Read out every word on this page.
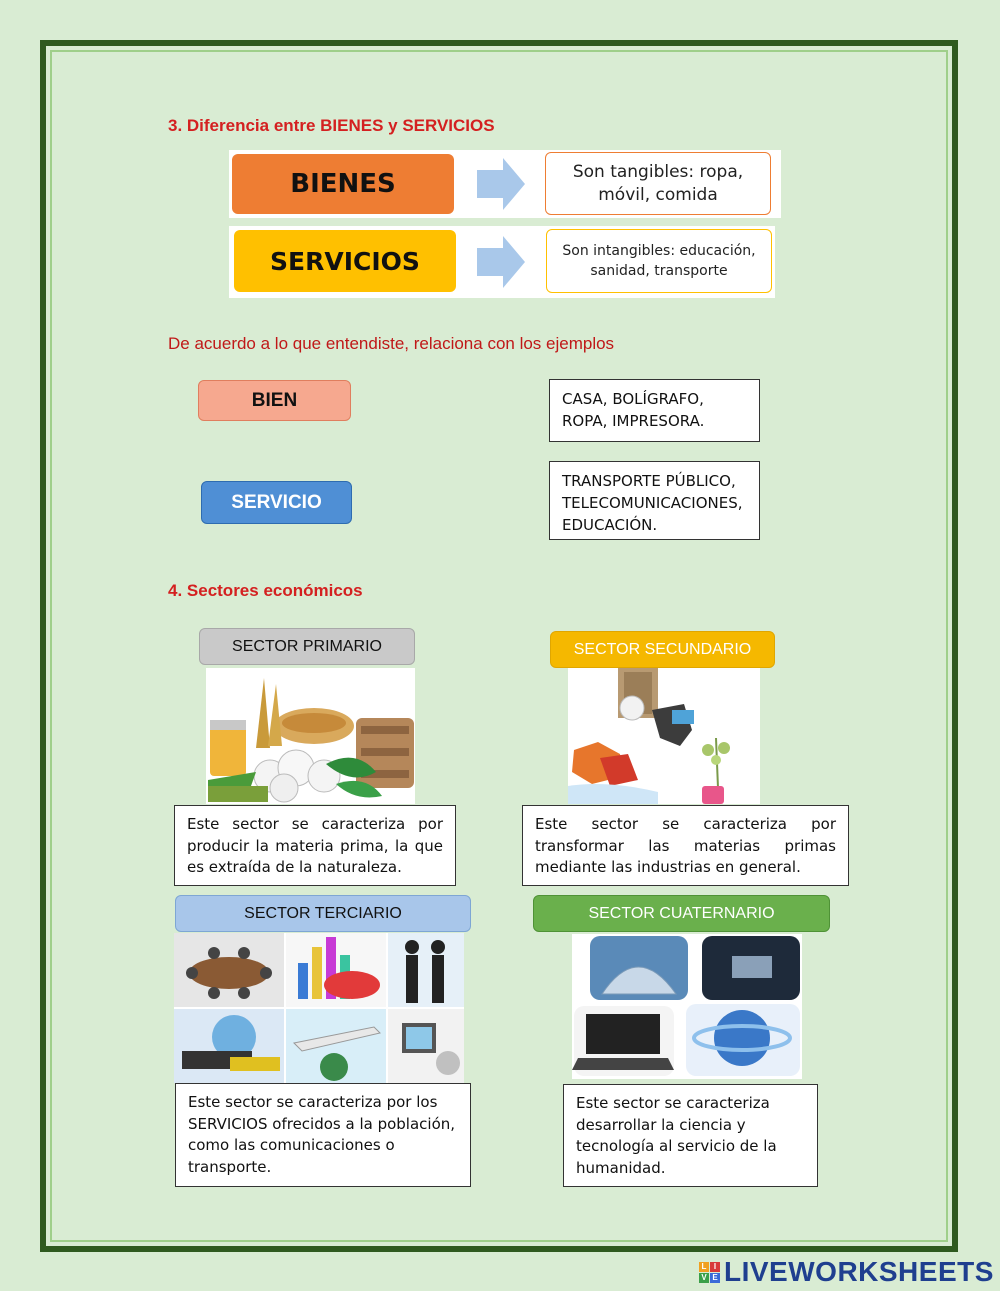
3. Diferencia entre BIENES y SERVICIOS
BIENES	Son tangibles: ropa, móvil, comida
SERVICIOS	Son intangibles: educación, sanidad, transporte
De acuerdo a lo que entendiste, relaciona con los ejemplos
BIEN
SERVICIO
CASA, BOLÍGRAFO,
ROPA, IMPRESORA.
TRANSPORTE PÚBLICO,
TELECOMUNICACIONES,
EDUCACIÓN.
4. Sectores económicos
SECTOR PRIMARIO
Este sector se caracteriza por producir la materia prima, la que es extraída de la naturaleza.
SECTOR SECUNDARIO
Este sector se caracteriza por transformar las materias primas mediante las industrias en general.
SECTOR TERCIARIO
Este sector se caracteriza por los SERVICIOS ofrecidos a la población, como las comunicaciones o transporte.
SECTOR CUATERNARIO
Este sector se caracteriza desarrollar la ciencia y tecnología al servicio de la humanidad.
L I
V E LIVEWORKSHEETS
